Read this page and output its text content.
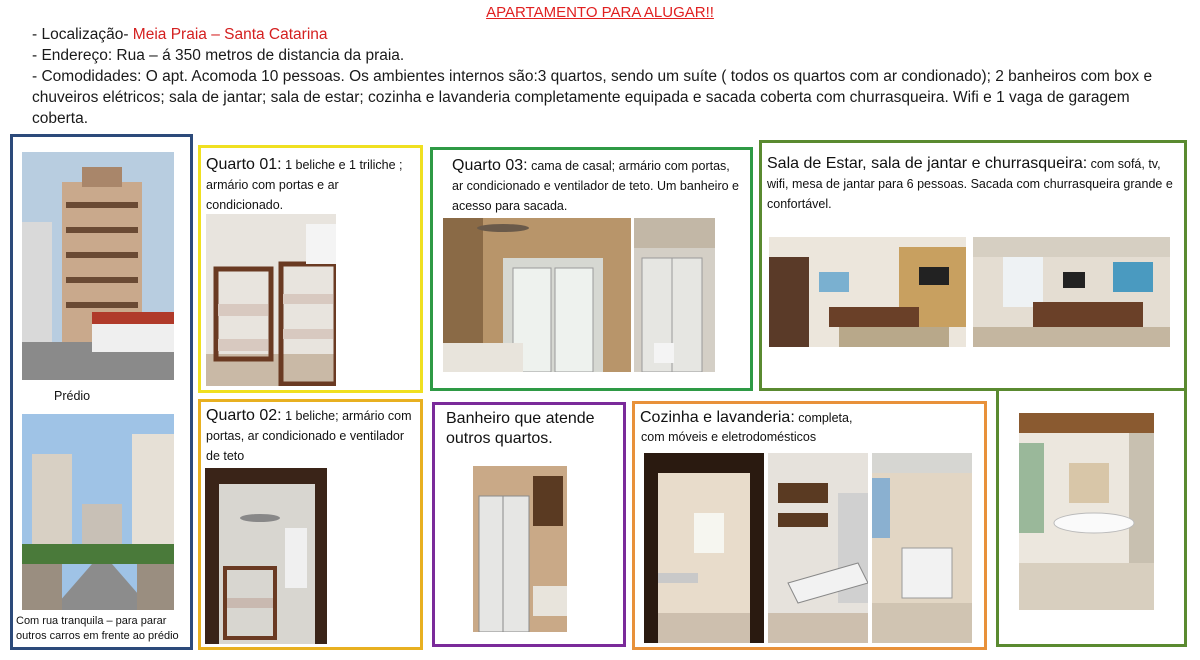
APARTAMENTO PARA ALUGAR!!
- Localização- Meia Praia – Santa Catarina
- Endereço: Rua – á 350 metros de distancia da praia.
- Comodidades: O apt. Acomoda 10 pessoas. Os ambientes internos são:3 quartos, sendo um suíte ( todos os quartos com ar condionado); 2 banheiros com box e chuveiros elétricos; sala de jantar; sala de estar; cozinha e lavanderia completamente equipada e sacada coberta com churrasqueira. Wifi e 1 vaga de garagem coberta.
Prédio
Com rua tranquila – para parar outros carros em frente ao prédio
Quarto 01: 1 beliche e 1 triliche ; armário com portas e ar condicionado.
Quarto 02: 1 beliche; armário com portas, ar condicionado e ventilador de teto
Quarto 03: cama de casal; armário com portas, ar condicionado e ventilador de teto. Um banheiro e acesso para sacada.
Banheiro que atende outros quartos.
Sala de Estar, sala de jantar e churrasqueira: com sofá, tv, wifi, mesa de jantar para 6 pessoas. Sacada com churrasqueira grande e confortável.
Cozinha e lavanderia: completa,
com móveis e eletrodomésticos
